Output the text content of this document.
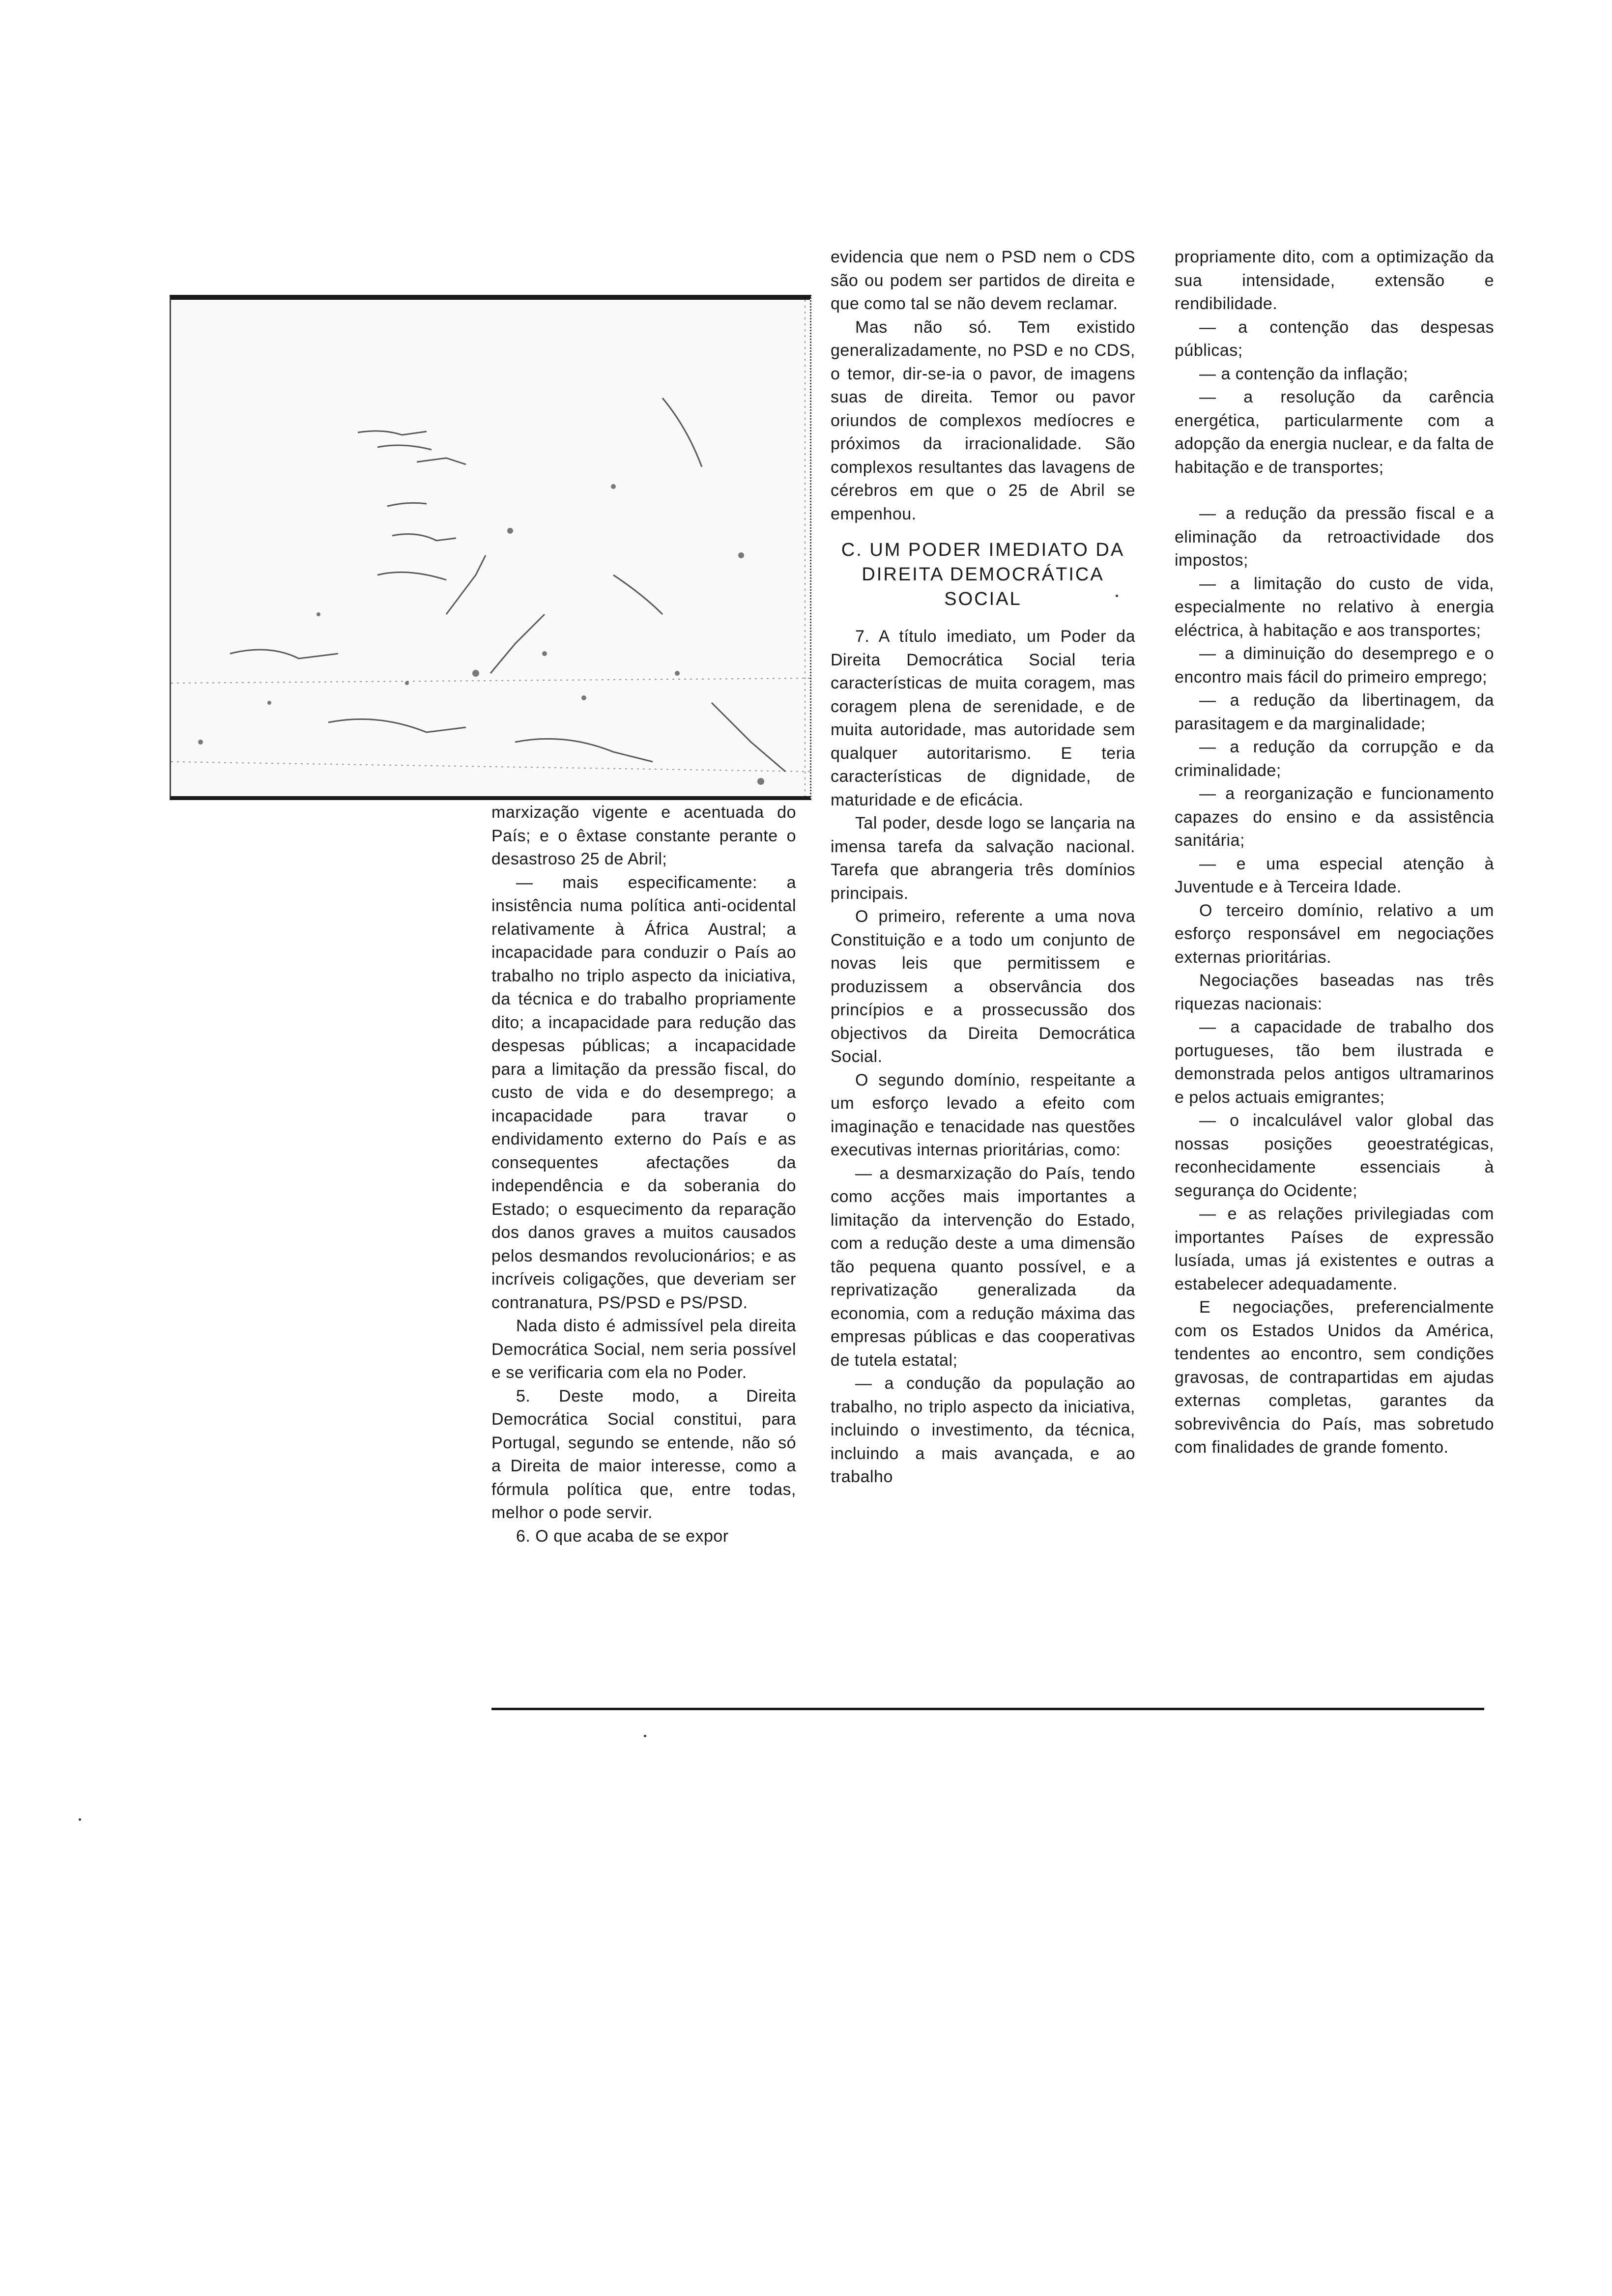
marxização vigente e acentuada do País; e o êxtase constante perante o desastroso 25 de Abril;

— mais especificamente: a insistência numa política anti-ocidental relativamente à África Austral; a incapacidade para conduzir o País ao trabalho no triplo aspecto da iniciativa, da técnica e do trabalho propriamente dito; a incapacidade para redução das despesas públicas; a incapacidade para a limitação da pressão fiscal, do custo de vida e do desemprego; a incapacidade para travar o endividamento externo do País e as consequentes afectações da independência e da soberania do Estado; o esquecimento da reparação dos danos graves a muitos causados pelos desmandos revolucionários; e as incríveis coligações, que deveriam ser contranatura, PS/PSD e PS/PSD.

Nada disto é admissível pela direita Democrática Social, nem seria possível e se verificaria com ela no Poder.

5. Deste modo, a Direita Democrática Social constitui, para Portugal, segundo se entende, não só a Direita de maior interesse, como a fórmula política que, entre todas, melhor o pode servir.

6. O que acaba de se expor

evidencia que nem o PSD nem o CDS são ou podem ser partidos de direita e que como tal se não devem reclamar.

Mas não só. Tem existido generalizadamente, no PSD e no CDS, o temor, dir-se-ia o pavor, de imagens suas de direita. Temor ou pavor oriundos de complexos medíocres e próximos da irracionalidade. São complexos resultantes das lavagens de cérebros em que o 25 de Abril se empenhou.

C. UM PODER IMEDIATO DA DIREITA DEMOCRÁTICA SOCIAL

7. A título imediato, um Poder da Direita Democrática Social teria características de muita coragem, mas coragem plena de serenidade, e de muita autoridade, mas autoridade sem qualquer autoritarismo. E teria características de dignidade, de maturidade e de eficácia.

Tal poder, desde logo se lançaria na imensa tarefa da salvação nacional. Tarefa que abrangeria três domínios principais.

O primeiro, referente a uma nova Constituição e a todo um conjunto de novas leis que permitissem e produzissem a observância dos princípios e a prossecussão dos objectivos da Direita Democrática Social.

O segundo domínio, respeitante a um esforço levado a efeito com imaginação e tenacidade nas questões executivas internas prioritárias, como:

— a desmarxização do País, tendo como acções mais importantes a limitação da intervenção do Estado, com a redução deste a uma dimensão tão pequena quanto possível, e a reprivatização generalizada da economia, com a redução máxima das empresas públicas e das cooperativas de tutela estatal;

— a condução da população ao trabalho, no triplo aspecto da iniciativa, incluindo o investimento, da técnica, incluindo a mais avançada, e ao trabalho

propriamente dito, com a optimização da sua intensidade, extensão e rendibilidade.

— a contenção das despesas públicas;

— a contenção da inflação;

— a resolução da carência energética, particularmente com a adopção da energia nuclear, e da falta de habitação e de transportes;

— a redução da pressão fiscal e a eliminação da retroactividade dos impostos;

— a limitação do custo de vida, especialmente no relativo à energia eléctrica, à habitação e aos transportes;

— a diminuição do desemprego e o encontro mais fácil do primeiro emprego;

— a redução da libertinagem, da parasitagem e da marginalidade;

— a redução da corrupção e da criminalidade;

— a reorganização e funcionamento capazes do ensino e da assistência sanitária;

— e uma especial atenção à Juventude e à Terceira Idade.

O terceiro domínio, relativo a um esforço responsável em negociações externas prioritárias.

Negociações baseadas nas três riquezas nacionais:

— a capacidade de trabalho dos portugueses, tão bem ilustrada e demonstrada pelos antigos ultramarinos e pelos actuais emigrantes;

— o incalculável valor global das nossas posições geoestratégicas, reconhecidamente essenciais à segurança do Ocidente;

— e as relações privilegiadas com importantes Países de expressão lusíada, umas já existentes e outras a estabelecer adequadamente.

E negociações, preferencialmente com os Estados Unidos da América, tendentes ao encontro, sem condições gravosas, de contrapartidas em ajudas externas completas, garantes da sobrevivência do País, mas sobretudo com finalidades de grande fomento.
